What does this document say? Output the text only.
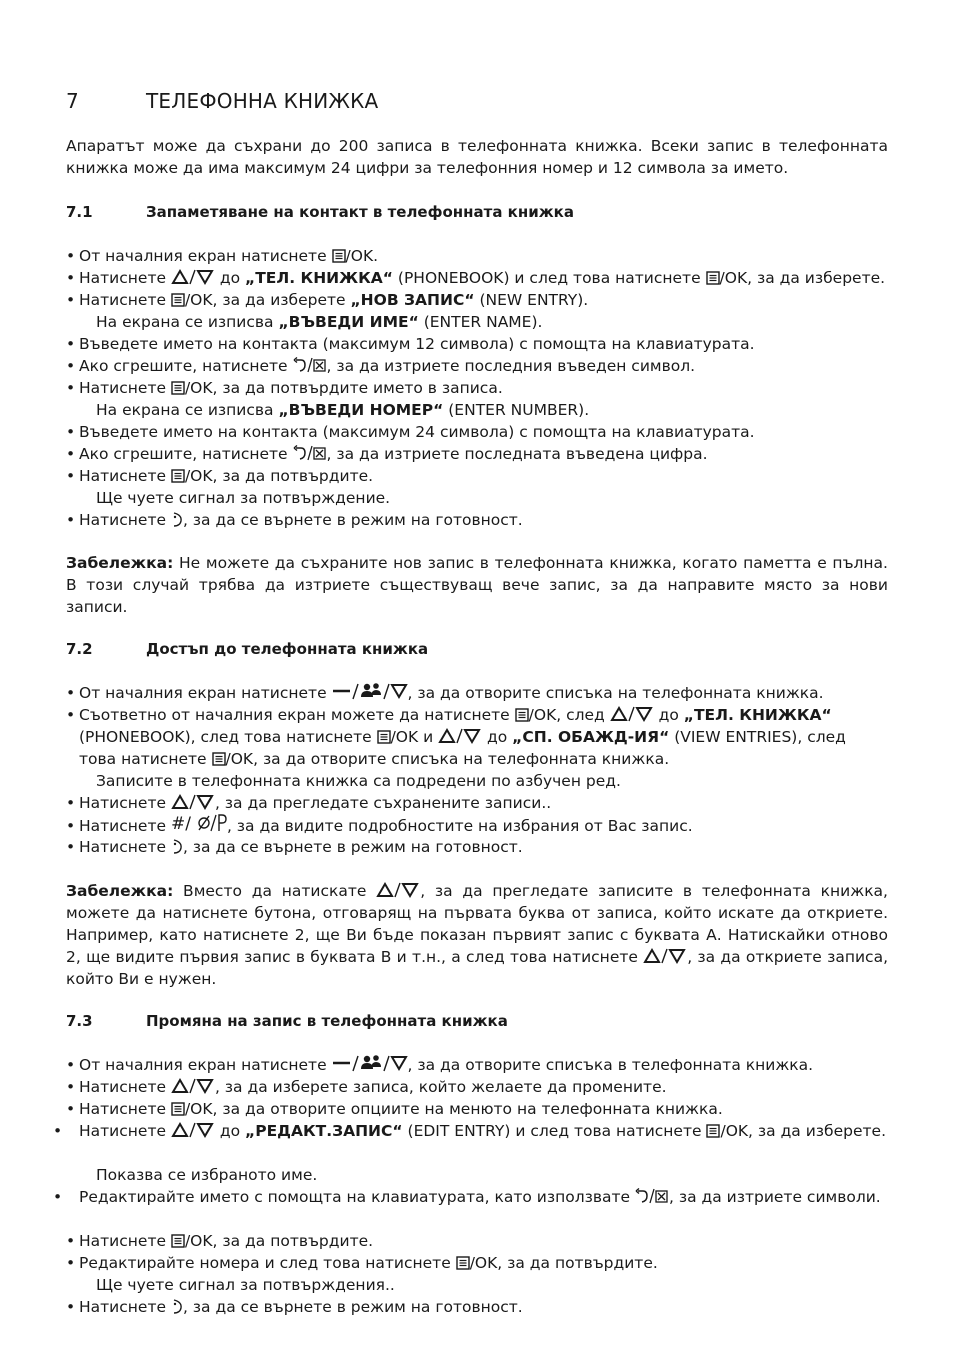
7	ТЕЛЕФОННА КНИЖКА
Апаратът може да съхрани до 200 записа в телефонната книжка. Всеки запис в телефонната книжка може да има максимум 24 цифри за телефонния номер и 12 символа за името.
7.1	Запаметяване на контакт в телефонната книжка
• От началния екран натиснете /OK.
• Натиснете	до „ТЕЛ. КНИЖКА“ (PHONEBOOK) и след това натиснете /OK, за да изберете.
• Натиснете /OK, за да изберете „НОВ ЗАПИС“ (NEW ENTRY).
На екрана се изписва „ВЪВЕДИ ИМЕ“ (ENTER NAME).
• Въведете името на контакта (максимум 12 символа) с помощта на клавиатурата.
• Ако сгрешите, натиснете , за да изтриете последния въведен символ.
• Натиснете /OK, за да потвърдите името в записа.
На екрана се изписва „ВЪВЕДИ НОМЕР“ (ENTER NUMBER).
• Въведете името на контакта (максимум 24 символа) с помощта на клавиатурата.
• Ако сгрешите, натиснете , за да изтриете последната въведена цифра.
• Натиснете /OK, за да потвърдите.
Ще чуете сигнал за потвърждение.
• Натиснете , за да се върнете в режим на готовност.
Забележка: Не можете да съхраните нов запис в телефонната книжка, когато паметта е пълна. В този случай трябва да изтриете съществуващ вече запис, за да направите място за нови записи.
7.2	Достъп до телефонната книжка
• От началния екран натиснете	, за да отворите списъка на телефонната книжка.
• Съответно от началния екран можете да натиснете /OK, след	до „ТЕЛ. КНИЖКА“
(PHONEBOOK), след това натиснете /OK и	до „СП. ОБАЖД-ИЯ“ (VIEW ENTRIES), след
това натиснете /OK, за да отворите списъка на телефонната книжка.
Записите в телефонната книжка са подредени по азбучен ред.
• Натиснете	, за да прегледате съхранените записи..
• Натиснете	, за да видите подробностите на избрания от Вас запис.
• Натиснете , за да се върнете в режим на готовност.
Забележка: Вместо да натискате	, за да прегледате записите в телефонната книжка, можете да натиснете бутона, отговарящ на първата буква от записа, който искате да откриете. Например, като натиснете 2, ще Ви бъде показан първият запис с буквата А. Натискайки отново 2, ще видите първия запис в буквата В и т.н., а след това натиснете	, за да откриете записа, който Ви е нужен.
7.3	Промяна на запис в телефонната книжка
• От началния екран натиснете	, за да отворите списъка в телефонната книжка.
• Натиснете	, за да изберете записа, който желаете да промените.
• Натиснете /OK, за да отворите опциите на менюто на телефонната книжка.
• Натиснете	до „РЕДАКТ.ЗАПИС“ (EDIT ENTRY) и след това натиснете /OK, за да изберете.
Показва се избраното име.
• Редактирайте името с помощта на клавиатурата, като използвате , за да изтриете символи.
• Натиснете /OK, за да потвърдите.
• Редактирайте номера и след това натиснете /OK, за да потвърдите.
Ще чуете сигнал за потвърждения..
• Натиснете , за да се върнете в режим на готовност.
